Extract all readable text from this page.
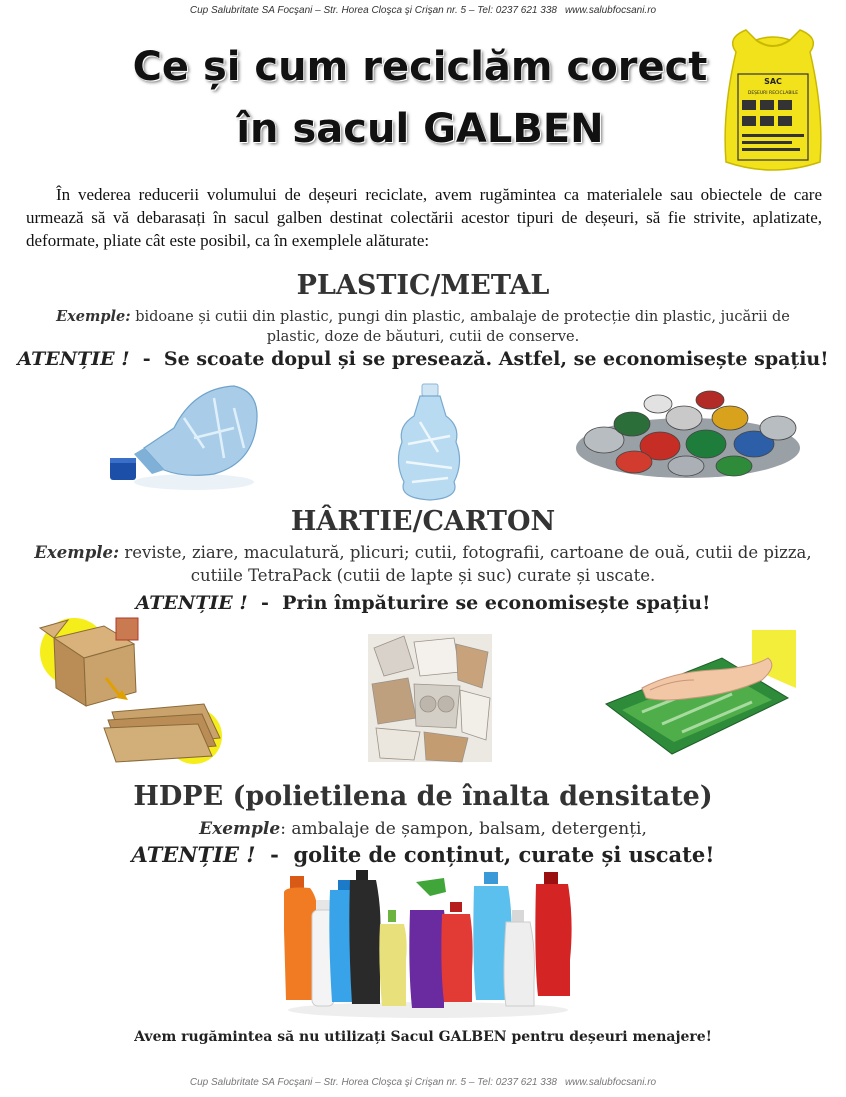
Cup Salubritate SA Focşani – Str. Horea Cloşca şi Crişan nr. 5 – Tel: 0237 621 338 www.salubfocsani.ro
Ce și cum reciclăm corect
în sacul GALBEN
SAC
DEȘEURI RECICLABILE

În vederea reducerii volumului de deșeuri reciclate, avem rugămintea ca materialele sau obiectele de care urmează să vă debarasați în sacul galben destinat colectării acestor tipuri de deșeuri, să fie strivite, aplatizate, deformate, pliate cât este posibil, ca în exemplele alăturate:

PLASTIC/METAL
Exemple: bidoane și cutii din plastic, pungi din plastic, ambalaje de protecție din plastic, jucării de plastic, doze de băuturi, cutii de conserve.
ATENȚIE !  -  Se scoate dopul și se presează. Astfel, se economisește spațiu!
HÂRTIE/CARTON
Exemple: reviste, ziare, maculatură, plicuri; cutii, fotografii, cartoane de ouă, cutii de pizza, cutiile TetraPack (cutii de lapte și suc) curate și uscate.
ATENȚIE !  -  Prin împăturire se economisește spațiu!
HDPE (polietilena de înalta densitate)
Exemple: ambalaje de șampon, balsam, detergenți,
ATENȚIE !  -  golite de conținut, curate și uscate!
Avem rugămintea să nu utilizați Sacul GALBEN pentru deșeuri menajere!
Cup Salubritate SA Focşani – Str. Horea Cloşca şi Crişan nr. 5 – Tel: 0237 621 338 www.salubfocsani.ro
